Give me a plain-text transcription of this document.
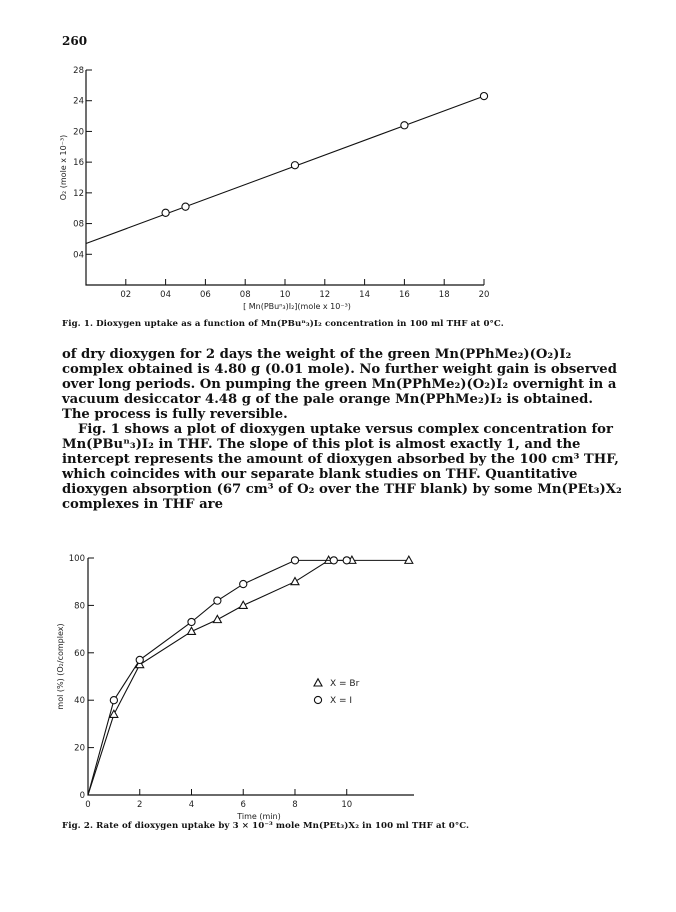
260
04
08
12
16
20
24
28
02	04	06	08	10	12	14	16	18	20
[ Mn(PBuⁿ₃)I₂](mole x 10⁻³)
O₂ (mole x 10⁻³)
Fig. 1. Dioxygen uptake as a function of Mn(PBuⁿ₃)I₂ concentration in 100 ml THF at 0°C.

of dry dioxygen for 2 days the weight of the green Mn(PPhMe₂)(O₂)I₂ complex obtained is 4.80 g (0.01 mole). No further weight gain is observed over long periods. On pumping the green Mn(PPhMe₂)(O₂)I₂ overnight in a vacuum desiccator 4.48 g of the pale orange Mn(PPhMe₂)I₂ is obtained. The process is fully reversible.

Fig. 1 shows a plot of dioxygen uptake versus complex concentration for Mn(PBuⁿ₃)I₂ in THF. The slope of this plot is almost exactly 1, and the intercept represents the amount of dioxygen absorbed by the 100 cm³ THF, which coincides with our separate blank studies on THF. Quantitative dioxygen absorption (67 cm³ of O₂ over the THF blank) by some Mn(PEt₃)X₂ complexes in THF are

0
20
40
60
80
100
0	2	4	6	8	10
X = Br
X = I
Time (min)
mol (%) (O₂/complex)
Fig. 2. Rate of dioxygen uptake by 3 × 10⁻³ mole Mn(PEt₃)X₂ in 100 ml THF at 0°C.
